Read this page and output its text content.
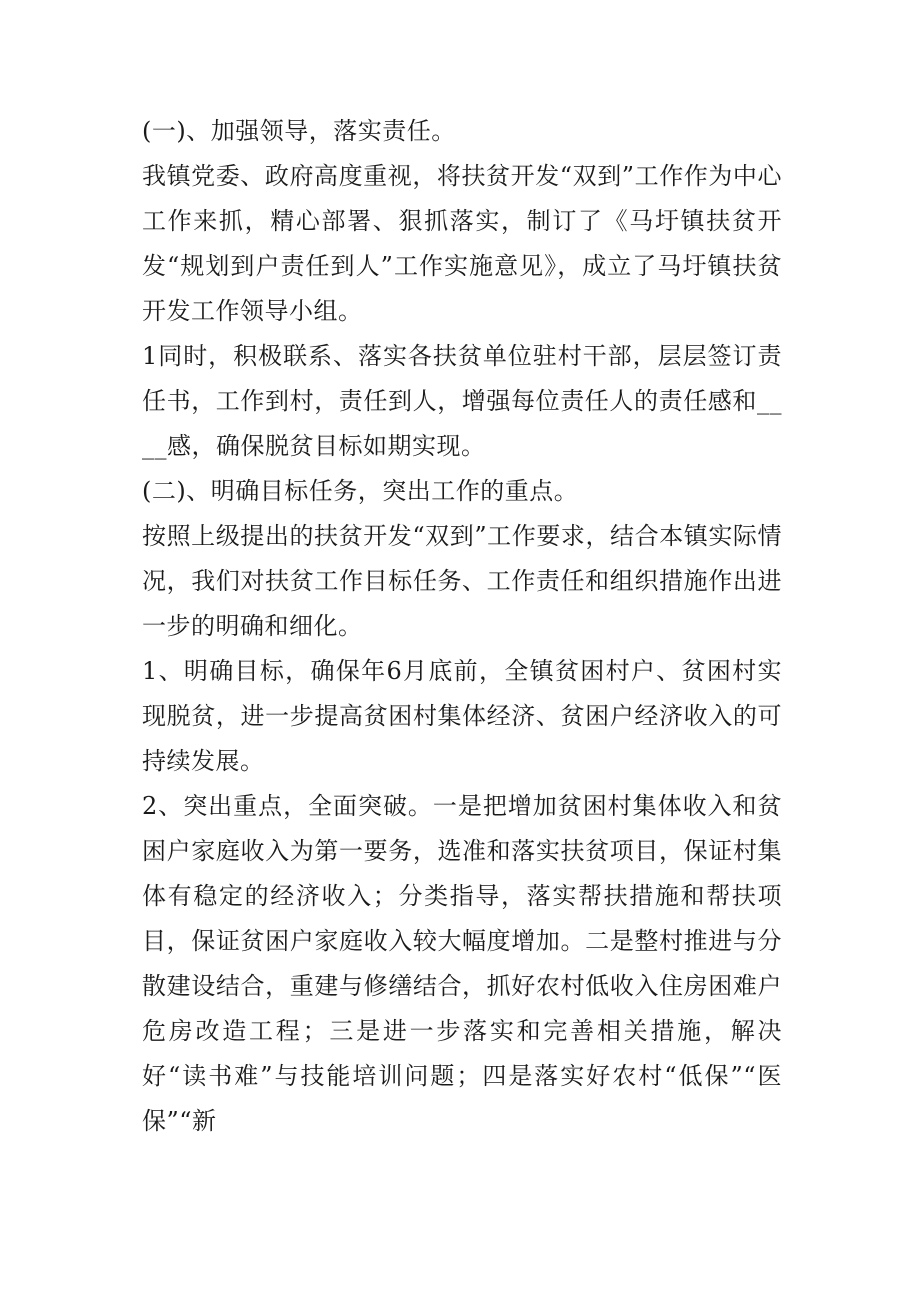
(一)、加强领导，落实责任。

我镇党委、政府高度重视，将扶贫开发“双到”工作作为中心工作来抓，精心部署、狠抓落实，制订了《马圩镇扶贫开发“规划到户责任到人”工作实施意见》，成立了马圩镇扶贫开发工作领导小组。

1同时，积极联系、落实各扶贫单位驻村干部，层层签订责任书，工作到村，责任到人，增强每位责任人的责任感和____感，确保脱贫目标如期实现。

(二)、明确目标任务，突出工作的重点。

按照上级提出的扶贫开发“双到”工作要求，结合本镇实际情况，我们对扶贫工作目标任务、工作责任和组织措施作出进一步的明确和细化。

1、明确目标，确保年6月底前，全镇贫困村户、贫困村实现脱贫，进一步提高贫困村集体经济、贫困户经济收入的可持续发展。

2、突出重点，全面突破。一是把增加贫困村集体收入和贫困户家庭收入为第一要务，选准和落实扶贫项目，保证村集体有稳定的经济收入；分类指导，落实帮扶措施和帮扶项目，保证贫困户家庭收入较大幅度增加。二是整村推进与分散建设结合，重建与修缮结合，抓好农村低收入住房困难户危房改造工程；三是进一步落实和完善相关措施，解决好“读书难”与技能培训问题；四是落实好农村“低保”“医保”“新
